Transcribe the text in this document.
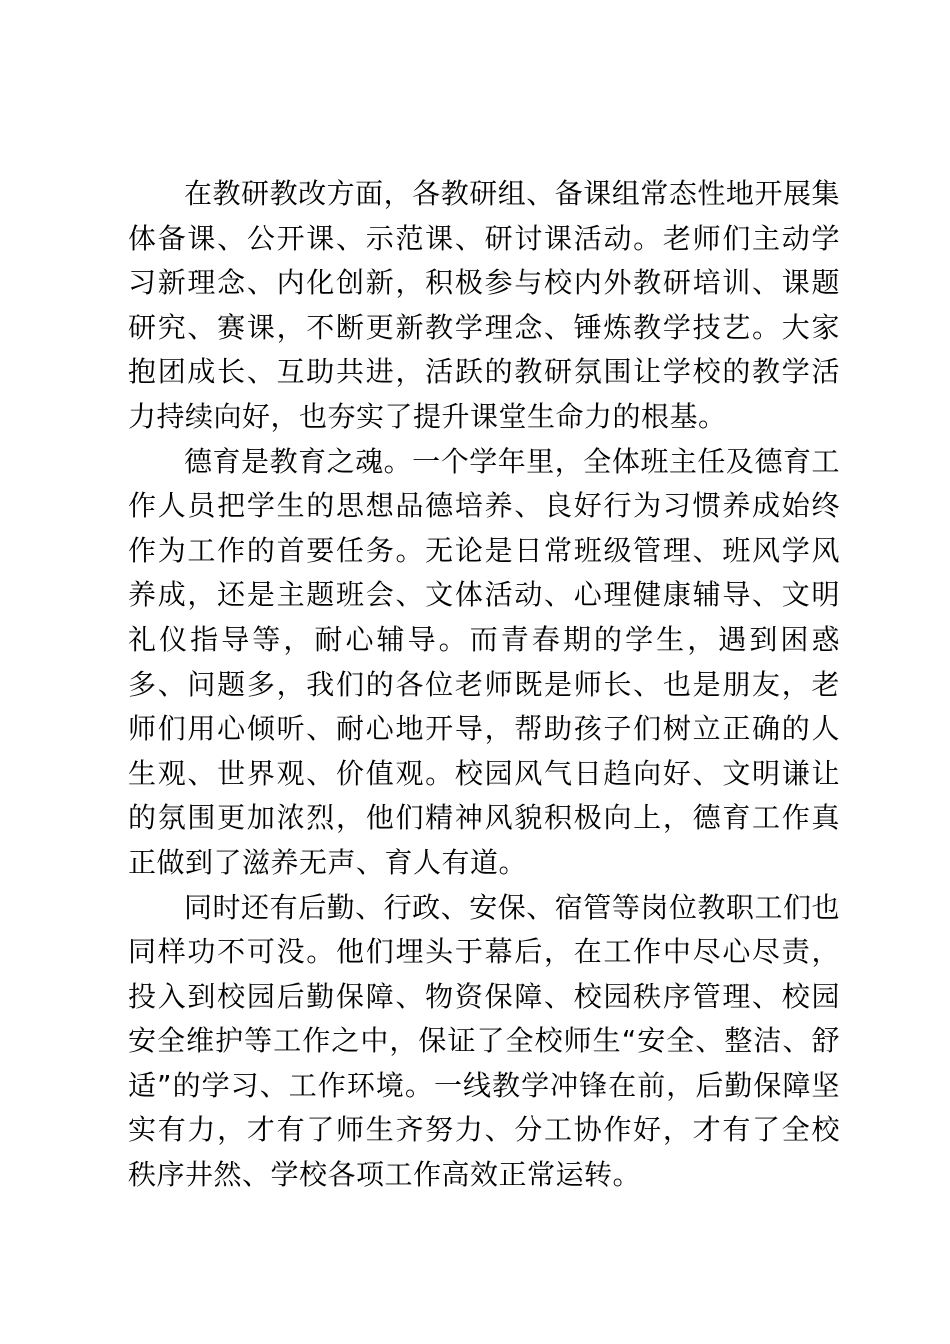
在教研教改方面，各教研组、备课组常态性地开展集体备课、公开课、示范课、研讨课活动。老师们主动学习新理念、内化创新，积极参与校内外教研培训、课题研究、赛课，不断更新教学理念、锤炼教学技艺。大家抱团成长、互助共进，活跃的教研氛围让学校的教学活力持续向好，也夯实了提升课堂生命力的根基。

德育是教育之魂。一个学年里，全体班主任及德育工作人员把学生的思想品德培养、良好行为习惯养成始终作为工作的首要任务。无论是日常班级管理、班风学风养成，还是主题班会、文体活动、心理健康辅导、文明礼仪指导等，耐心辅导。而青春期的学生，遇到困惑多、问题多，我们的各位老师既是师长、也是朋友，老师们用心倾听、耐心地开导，帮助孩子们树立正确的人生观、世界观、价值观。校园风气日趋向好、文明谦让的氛围更加浓烈，他们精神风貌积极向上，德育工作真正做到了滋养无声、育人有道。

同时还有后勤、行政、安保、宿管等岗位教职工们也同样功不可没。他们埋头于幕后，在工作中尽心尽责，投入到校园后勤保障、物资保障、校园秩序管理、校园安全维护等工作之中，保证了全校师生“安全、整洁、舒适”的学习、工作环境。一线教学冲锋在前，后勤保障坚实有力，才有了师生齐努力、分工协作好，才有了全校秩序井然、学校各项工作高效正常运转。
